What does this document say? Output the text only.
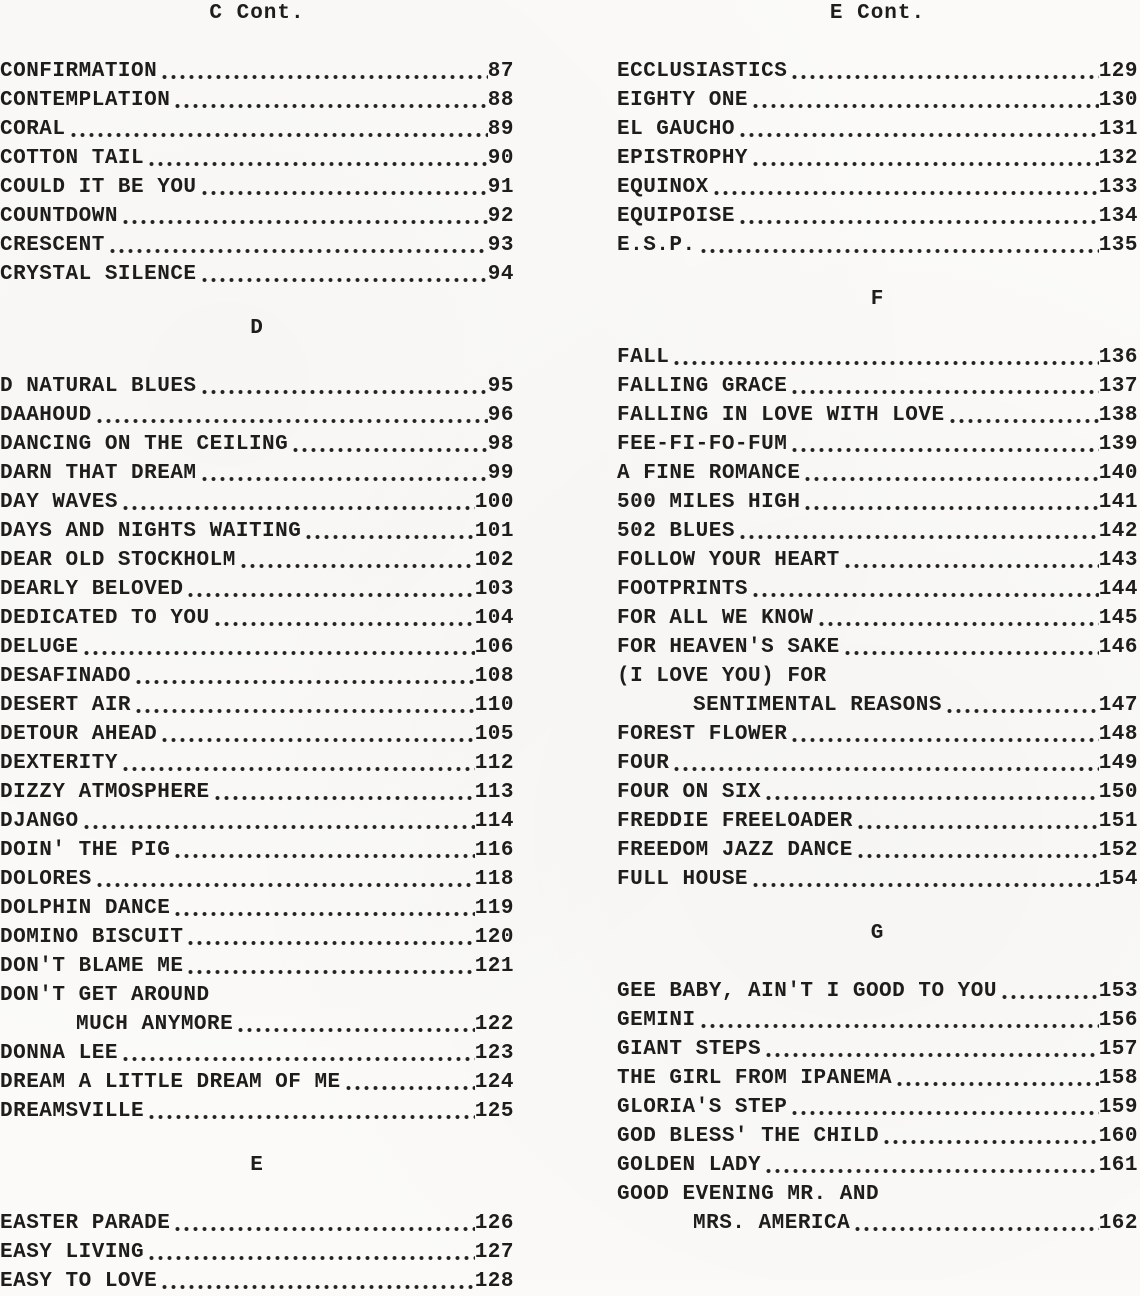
C Cont.
CONFIRMATION	87
CONTEMPLATION	88
CORAL	89
COTTON TAIL	90
COULD IT BE YOU	91
COUNTDOWN	92
CRESCENT	93
CRYSTAL SILENCE	94
D
D NATURAL BLUES	95
DAAHOUD	96
DANCING ON THE CEILING	98
DARN THAT DREAM	99
DAY WAVES	100
DAYS AND NIGHTS WAITING	101
DEAR OLD STOCKHOLM	102
DEARLY BELOVED	103
DEDICATED TO YOU	104
DELUGE	106
DESAFINADO	108
DESERT AIR	110
DETOUR AHEAD	105
DEXTERITY	112
DIZZY ATMOSPHERE	113
DJANGO	114
DOIN' THE PIG	116
DOLORES	118
DOLPHIN DANCE	119
DOMINO BISCUIT	120
DON'T BLAME ME	121
DON'T GET AROUND
MUCH ANYMORE	122
DONNA LEE	123
DREAM A LITTLE DREAM OF ME	124
DREAMSVILLE	125
E
EASTER PARADE	126
EASY LIVING	127
EASY TO LOVE	128
E Cont.
ECCLUSIASTICS	129
EIGHTY ONE	130
EL GAUCHO	131
EPISTROPHY	132
EQUINOX	133
EQUIPOISE	134
E.S.P.	135
F
FALL	136
FALLING GRACE	137
FALLING IN LOVE WITH LOVE	138
FEE-FI-FO-FUM	139
A FINE ROMANCE	140
500 MILES HIGH	141
502 BLUES	142
FOLLOW YOUR HEART	143
FOOTPRINTS	144
FOR ALL WE KNOW	145
FOR HEAVEN'S SAKE	146
(I LOVE YOU) FOR
SENTIMENTAL REASONS	147
FOREST FLOWER	148
FOUR	149
FOUR ON SIX	150
FREDDIE FREELOADER	151
FREEDOM JAZZ DANCE	152
FULL HOUSE	154
G
GEE BABY, AIN'T I GOOD TO YOU	153
GEMINI	156
GIANT STEPS	157
THE GIRL FROM IPANEMA	158
GLORIA'S STEP	159
GOD BLESS' THE CHILD	160
GOLDEN LADY	161
GOOD EVENING MR. AND
MRS. AMERICA	162
